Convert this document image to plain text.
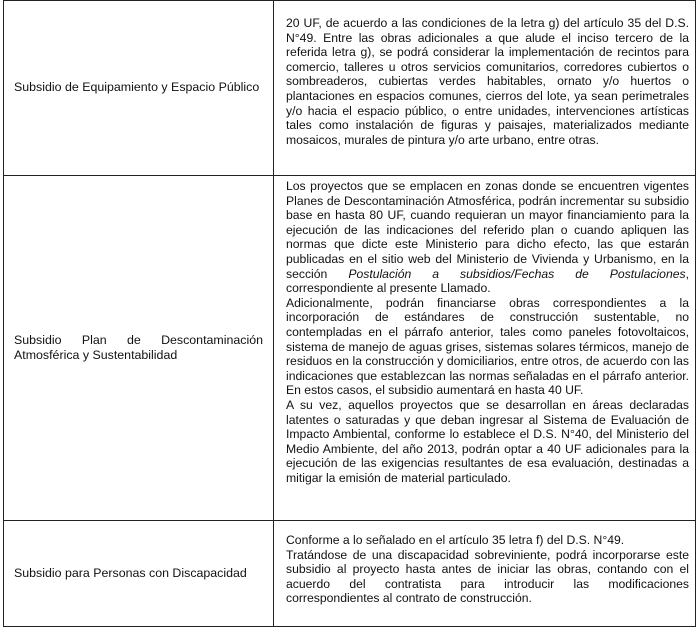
Subsidio de Equipamiento y Espacio Público	20 UF, de acuerdo a las condiciones de la letra g) del artículo 35 del D.S. N°49. Entre las obras adicionales a que alude el inciso tercero de la referida letra g), se podrá considerar la implementación de recintos para comercio, talleres u otros servicios comunitarios, corredores cubiertos o sombreaderos, cubiertas verdes habitables, ornato y/o huertos o plantaciones en espacios comunes, cierros del lote, ya sean perimetrales y/o hacia el espacio público, o entre unidades, intervenciones artísticas tales como instalación de figuras y paisajes, materializados mediante mosaicos, murales de pintura y/o arte urbano, entre otras.

Subsidio Plan de Descontaminación Atmosférica y Sustentabilidad	Los proyectos que se emplacen en zonas donde se encuentren vigentes Planes de Descontaminación Atmosférica, podrán incrementar su subsidio base en hasta 80 UF, cuando requieran un mayor financiamiento para la ejecución de las indicaciones del referido plan o cuando apliquen las normas que dicte este Ministerio para dicho efecto, las que estarán publicadas en el sitio web del Ministerio de Vivienda y Urbanismo, en la sección Postulación a subsidios/Fechas de Postulaciones, correspondiente al presente Llamado.

Adicionalmente, podrán financiarse obras correspondientes a la incorporación de estándares de construcción sustentable, no contempladas en el párrafo anterior, tales como paneles fotovoltaicos, sistema de manejo de aguas grises, sistemas solares térmicos, manejo de residuos en la construcción y domiciliarios, entre otros, de acuerdo con las indicaciones que establezcan las normas señaladas en el párrafo anterior. En estos casos, el subsidio aumentará en hasta 40 UF.

A su vez, aquellos proyectos que se desarrollan en áreas declaradas latentes o saturadas y que deban ingresar al Sistema de Evaluación de Impacto Ambiental, conforme lo establece el D.S. N°40, del Ministerio del Medio Ambiente, del año 2013, podrán optar a 40 UF adicionales para la ejecución de las exigencias resultantes de esa evaluación, destinadas a mitigar la emisión de material particulado.

Subsidio para Personas con Discapacidad	Conforme a lo señalado en el artículo 35 letra f) del D.S. N°49.

Tratándose de una discapacidad sobreviniente, podrá incorporarse este subsidio al proyecto hasta antes de iniciar las obras, contando con el acuerdo del contratista para introducir las modificaciones correspondientes al contrato de construcción.
